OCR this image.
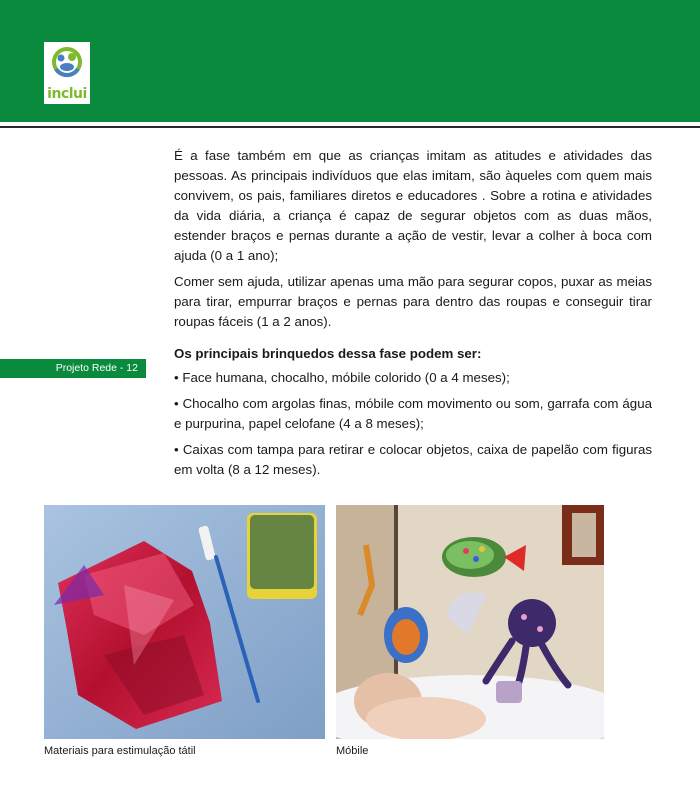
inclui
Projeto Rede - 12

É a fase também em que as crianças imitam as atitudes e atividades das pessoas. As principais indivíduos que elas imitam, são àqueles com quem mais convivem, os pais, familiares diretos e educadores . Sobre a rotina e atividades da vida diária, a criança é capaz de segurar objetos com as duas mãos, estender braços e pernas durante a ação de vestir, levar a colher à boca com ajuda (0 a 1 ano);

Comer sem ajuda, utilizar apenas uma mão para segurar copos, puxar as meias para tirar, empurrar braços e pernas para dentro das roupas e conseguir tirar roupas fáceis (1 a 2 anos).

Os principais brinquedos dessa fase podem ser:

• Face humana, chocalho, móbile colorido (0 a 4 meses);

• Chocalho com argolas finas, móbile com movimento ou som, garrafa com água e purpurina, papel celofane (4 a 8 meses);

• Caixas com tampa para retirar e colocar objetos, caixa de papelão com figuras em volta (8 a 12 meses).

Materiais para estimulação tátil	Móbile
